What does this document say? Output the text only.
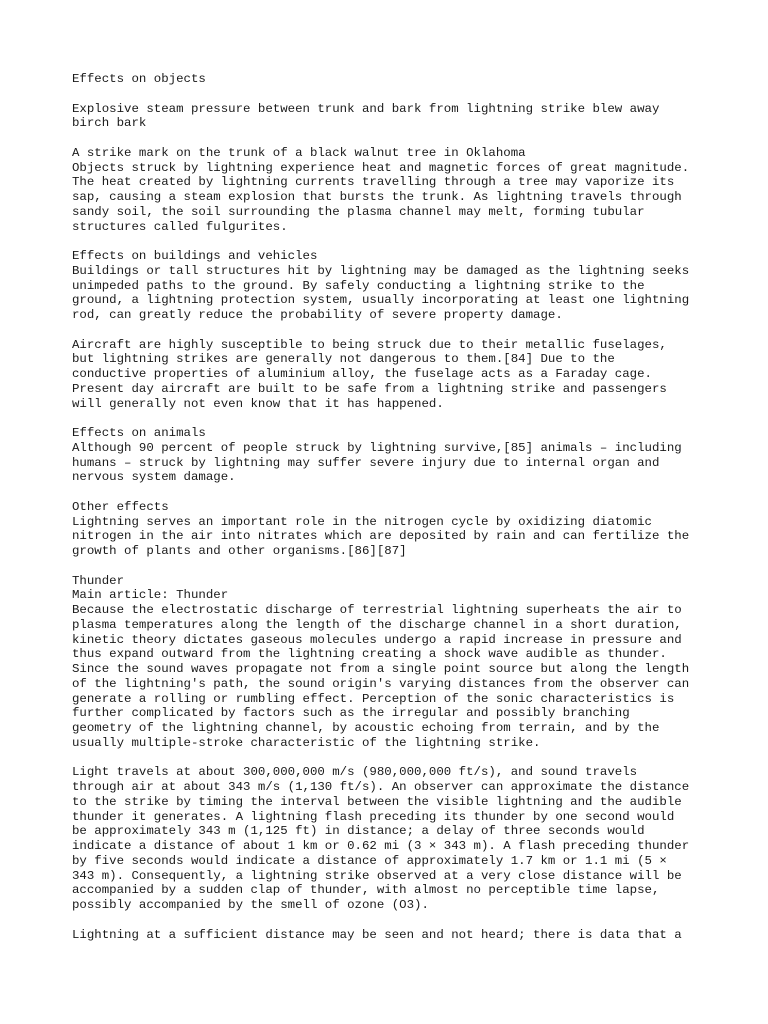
Effects on objects
Explosive steam pressure between trunk and bark from lightning strike blew away
birch bark
A strike mark on the trunk of a black walnut tree in Oklahoma
Objects struck by lightning experience heat and magnetic forces of great magnitude.
The heat created by lightning currents travelling through a tree may vaporize its
sap, causing a steam explosion that bursts the trunk. As lightning travels through
sandy soil, the soil surrounding the plasma channel may melt, forming tubular
structures called fulgurites.
Effects on buildings and vehicles
Buildings or tall structures hit by lightning may be damaged as the lightning seeks
unimpeded paths to the ground. By safely conducting a lightning strike to the
ground, a lightning protection system, usually incorporating at least one lightning
rod, can greatly reduce the probability of severe property damage.
Aircraft are highly susceptible to being struck due to their metallic fuselages,
but lightning strikes are generally not dangerous to them.[84] Due to the
conductive properties of aluminium alloy, the fuselage acts as a Faraday cage.
Present day aircraft are built to be safe from a lightning strike and passengers
will generally not even know that it has happened.
Effects on animals
Although 90 percent of people struck by lightning survive,[85] animals – including
humans – struck by lightning may suffer severe injury due to internal organ and
nervous system damage.
Other effects
Lightning serves an important role in the nitrogen cycle by oxidizing diatomic
nitrogen in the air into nitrates which are deposited by rain and can fertilize the
growth of plants and other organisms.[86][87]
Thunder
Main article: Thunder
Because the electrostatic discharge of terrestrial lightning superheats the air to
plasma temperatures along the length of the discharge channel in a short duration,
kinetic theory dictates gaseous molecules undergo a rapid increase in pressure and
thus expand outward from the lightning creating a shock wave audible as thunder.
Since the sound waves propagate not from a single point source but along the length
of the lightning's path, the sound origin's varying distances from the observer can
generate a rolling or rumbling effect. Perception of the sonic characteristics is
further complicated by factors such as the irregular and possibly branching
geometry of the lightning channel, by acoustic echoing from terrain, and by the
usually multiple-stroke characteristic of the lightning strike.
Light travels at about 300,000,000 m/s (980,000,000 ft/s), and sound travels
through air at about 343 m/s (1,130 ft/s). An observer can approximate the distance
to the strike by timing the interval between the visible lightning and the audible
thunder it generates. A lightning flash preceding its thunder by one second would
be approximately 343 m (1,125 ft) in distance; a delay of three seconds would
indicate a distance of about 1 km or 0.62 mi (3 × 343 m). A flash preceding thunder
by five seconds would indicate a distance of approximately 1.7 km or 1.1 mi (5 ×
343 m). Consequently, a lightning strike observed at a very close distance will be
accompanied by a sudden clap of thunder, with almost no perceptible time lapse,
possibly accompanied by the smell of ozone (O3).
Lightning at a sufficient distance may be seen and not heard; there is data that a
